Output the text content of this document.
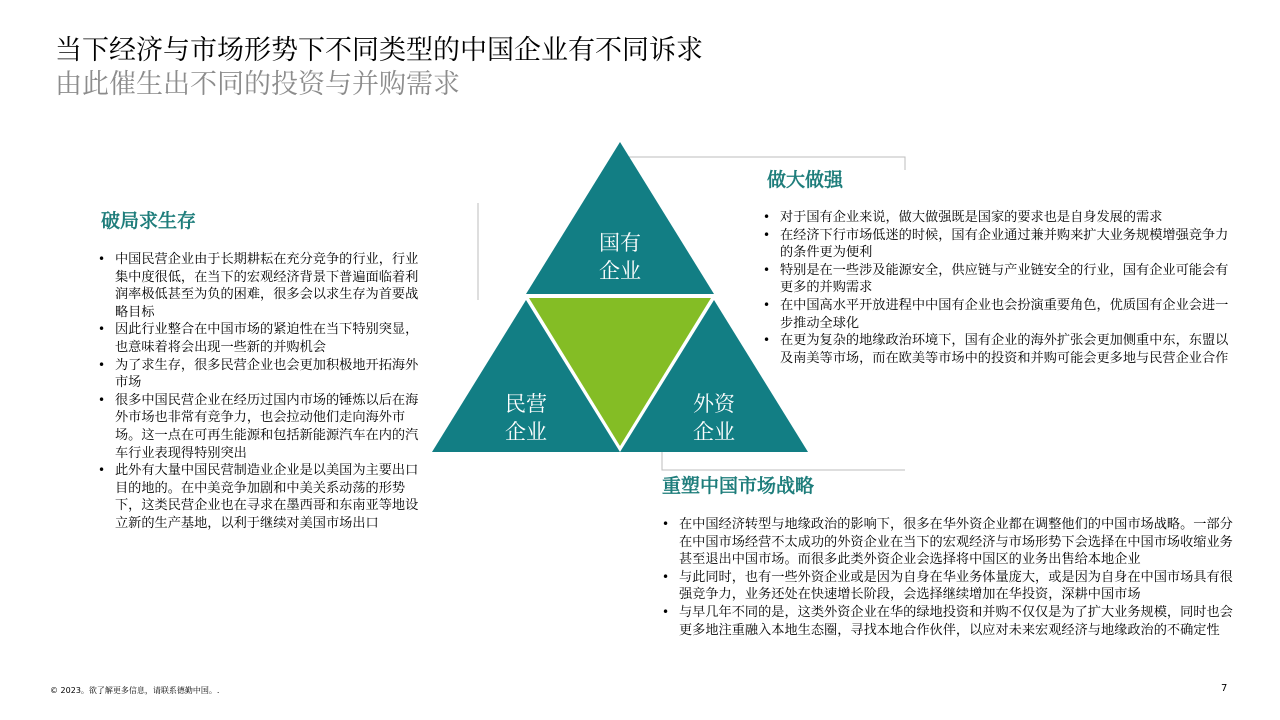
当下经济与市场形势下不同类型的中国企业有不同诉求
由此催生出不同的投资与并购需求
国有
企业
民营
企业
外资
企业
破局求生存
• 中国民营企业由于长期耕耘在充分竞争的行业，行业集中度很低，在当下的宏观经济背景下普遍面临着利润率极低甚至为负的困难，很多会以求生存为首要战略目标
• 因此行业整合在中国市场的紧迫性在当下特别突显，也意味着将会出现一些新的并购机会
• 为了求生存，很多民营企业也会更加积极地开拓海外市场
• 很多中国民营企业在经历过国内市场的锤炼以后在海外市场也非常有竞争力，也会拉动他们走向海外市场。这一点在可再生能源和包括新能源汽车在内的汽车行业表现得特别突出
• 此外有大量中国民营制造业企业是以美国为主要出口目的地的。在中美竞争加剧和中美关系动荡的形势下，这类民营企业也在寻求在墨西哥和东南亚等地设立新的生产基地，以利于继续对美国市场出口
做大做强
• 对于国有企业来说，做大做强既是国家的要求也是自身发展的需求
• 在经济下行市场低迷的时候，国有企业通过兼并购来扩大业务规模增强竞争力的条件更为便利
• 特别是在一些涉及能源安全，供应链与产业链安全的行业，国有企业可能会有更多的并购需求
• 在中国高水平开放进程中中国有企业也会扮演重要角色，优质国有企业会进一步推动全球化
• 在更为复杂的地缘政治环境下，国有企业的海外扩张会更加侧重中东，东盟以及南美等市场，而在欧美等市场中的投资和并购可能会更多地与民营企业合作
重塑中国市场战略
• 在中国经济转型与地缘政治的影响下，很多在华外资企业都在调整他们的中国市场战略。一部分在中国市场经营不太成功的外资企业在当下的宏观经济与市场形势下会选择在中国市场收缩业务甚至退出中国市场。而很多此类外资企业会选择将中国区的业务出售给本地企业
• 与此同时，也有一些外资企业或是因为自身在华业务体量庞大，或是因为自身在中国市场具有很强竞争力，业务还处在快速增长阶段，会选择继续增加在华投资，深耕中国市场
• 与早几年不同的是，这类外资企业在华的绿地投资和并购不仅仅是为了扩大业务规模，同时也会更多地注重融入本地生态圈，寻找本地合作伙伴，以应对未来宏观经济与地缘政治的不确定性
© 2023。欲了解更多信息，请联系德勤中国。.	7
